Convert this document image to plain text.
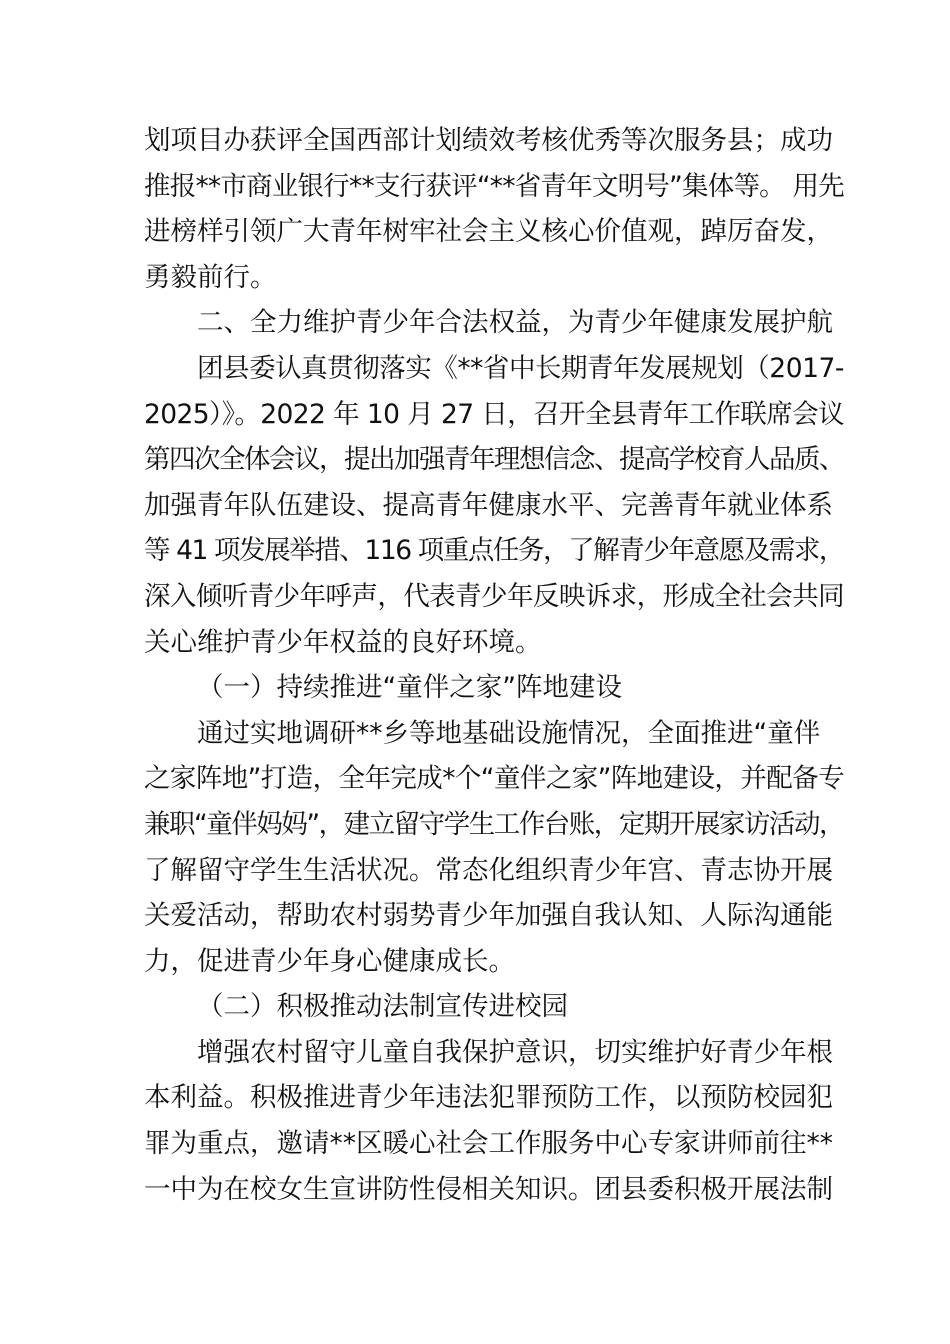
划项目办获评全国西部计划绩效考核优秀等次服务县；成功
推报**市商业银行**支行获评“**省青年文明号”集体等。 用先
进榜样引领广大青年树牢社会主义核心价值观，踔厉奋发，
勇毅前行。
二、全力维护青少年合法权益，为青少年健康发展护航
团县委认真贯彻落实《**省中长期青年发展规划（2017-
2025）》。2022 年 10 月 27 日，召开全县青年工作联席会议
第四次全体会议，提出加强青年理想信念、提高学校育人品质、
加强青年队伍建设、提高青年健康水平、完善青年就业体系
等 41 项发展举措、116 项重点任务，了解青少年意愿及需求，
深入倾听青少年呼声，代表青少年反映诉求，形成全社会共同
关心维护青少年权益的良好环境。
（一）持续推进“童伴之家”阵地建设
通过实地调研**乡等地基础设施情况，全面推进“童伴
之家阵地”打造，全年完成*个“童伴之家”阵地建设，并配备专
兼职“童伴妈妈”，建立留守学生工作台账，定期开展家访活动，
了解留守学生生活状况。常态化组织青少年宫、青志协开展
关爱活动，帮助农村弱势青少年加强自我认知、人际沟通能
力，促进青少年身心健康成长。
（二）积极推动法制宣传进校园
增强农村留守儿童自我保护意识，切实维护好青少年根
本利益。积极推进青少年违法犯罪预防工作，以预防校园犯
罪为重点，邀请**区暖心社会工作服务中心专家讲师前往**
一中为在校女生宣讲防性侵相关知识。团县委积极开展法制
